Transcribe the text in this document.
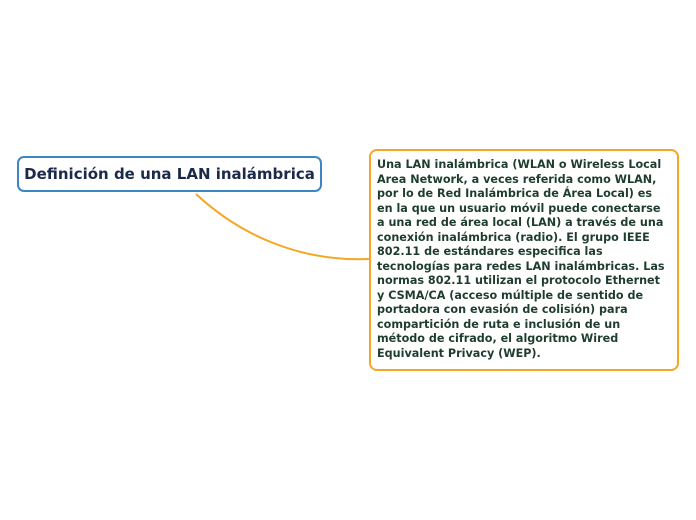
Definición de una LAN inalámbrica

Una LAN inalámbrica (WLAN o Wireless Local Area Network, a veces referida como WLAN, por lo de Red Inalámbrica de Área Local) es en la que un usuario móvil puede conectarse a una red de área local (LAN) a través de una conexión inalámbrica (radio). El grupo IEEE 802.11 de estándares especifica las tecnologías para redes LAN inalámbricas. Las normas 802.11 utilizan el protocolo Ethernet y CSMA/CA (acceso múltiple de sentido de portadora con evasión de colisión) para compartición de ruta e inclusión de un método de cifrado, el algoritmo Wired Equivalent Privacy (WEP).
